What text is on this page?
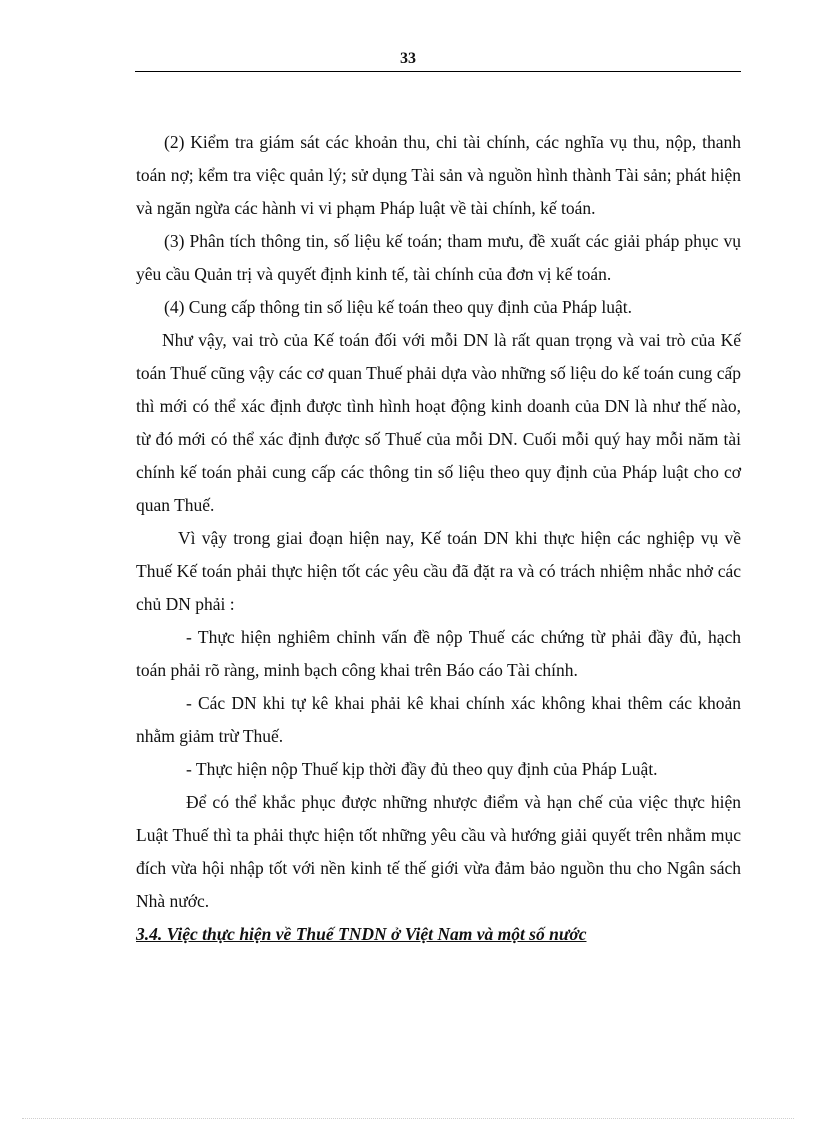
33

(2) Kiểm tra giám sát các khoản thu, chi tài chính, các nghĩa vụ thu, nộp, thanh toán nợ; kểm tra việc quản lý; sử dụng Tài sản và nguồn hình thành Tài sản; phát hiện và ngăn ngừa các hành vi vi phạm Pháp luật về tài chính, kế toán.

(3) Phân tích thông tin, số liệu kế toán; tham mưu, đề xuất các giải pháp phục vụ yêu cầu Quản trị và quyết định kinh tế, tài chính của đơn vị kế toán.

(4) Cung cấp thông tin số liệu kế toán theo quy định của Pháp luật.

Như vậy, vai trò của Kế toán đối với mỗi DN là rất quan trọng và vai trò của Kế toán Thuế cũng vậy các cơ quan Thuế phải dựa vào những số liệu do kế toán cung cấp thì mới có thể xác định được tình hình hoạt động kinh doanh của DN là như thế nào, từ đó mới có thể xác định được số Thuế của mỗi DN. Cuối mỗi quý hay mỗi năm tài chính kế toán phải cung cấp các thông tin số liệu theo quy định của Pháp luật cho cơ quan Thuế.

Vì vậy trong giai đoạn hiện nay, Kế toán DN khi thực hiện các nghiệp vụ về Thuế Kế toán phải thực hiện tốt các yêu cầu đã đặt ra và có trách nhiệm nhắc nhở các chủ DN phải :

- Thực hiện nghiêm chỉnh vấn đề nộp Thuế các chứng từ phải đầy đủ, hạch toán phải rõ ràng, minh bạch công khai trên Báo cáo Tài chính.

- Các DN khi tự kê khai phải kê khai chính xác không khai thêm các khoản nhằm giảm trừ Thuế.

- Thực hiện nộp Thuế kịp thời đầy đủ theo quy định của Pháp Luật.

Để có thể khắc phục được những nhược điểm và hạn chế của việc thực hiện Luật Thuế thì ta phải thực hiện tốt những yêu cầu và hướng giải quyết trên nhằm mục đích vừa hội nhập tốt với nền kinh tế thế giới vừa đảm bảo nguồn thu cho Ngân sách Nhà nước.

3.4. Việc thực hiện về Thuế TNDN ở Việt Nam và một số nước
